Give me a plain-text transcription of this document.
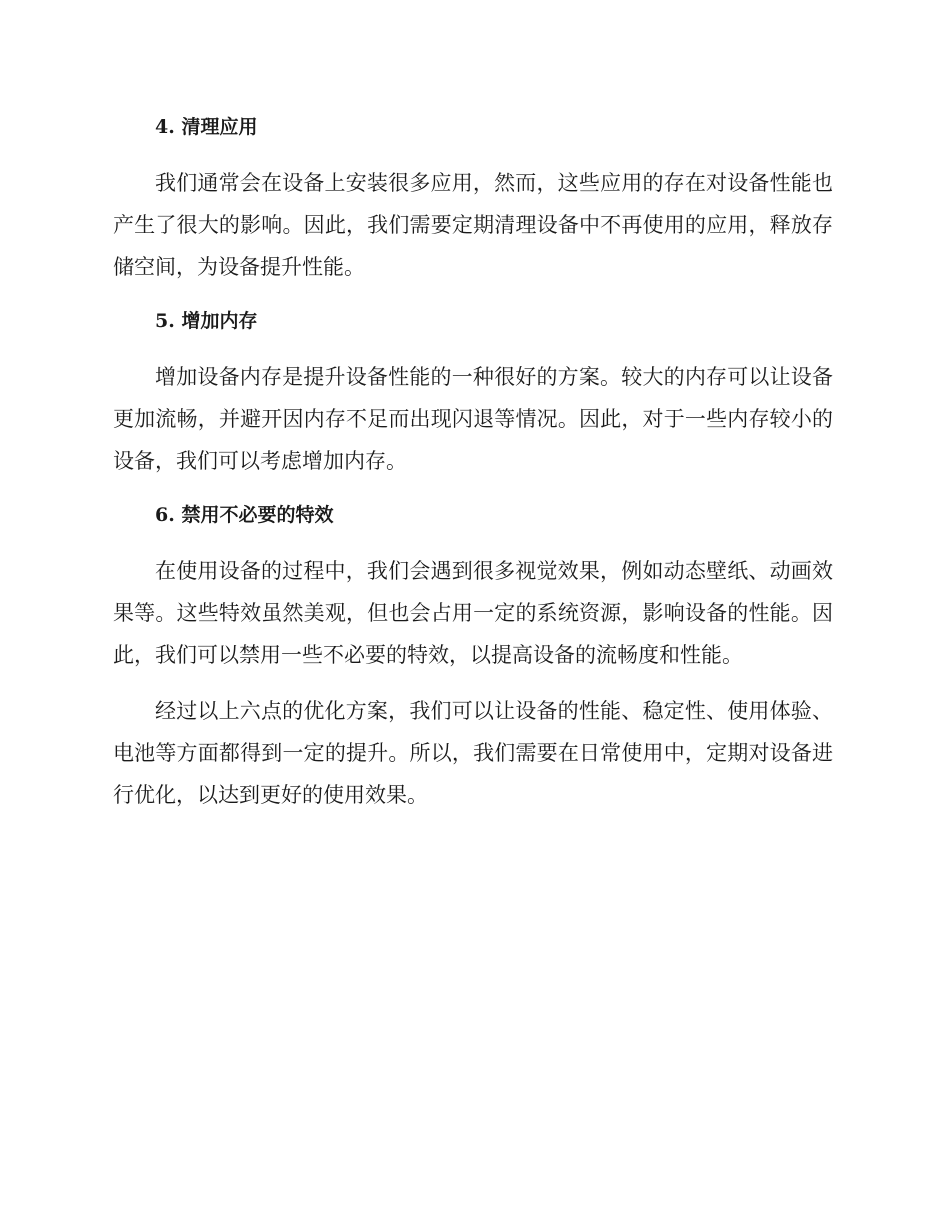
4. 清理应用

我们通常会在设备上安装很多应用，然而，这些应用的存在对设备性能也产生了很大的影响。因此，我们需要定期清理设备中不再使用的应用，释放存储空间，为设备提升性能。

5. 增加内存

增加设备内存是提升设备性能的一种很好的方案。较大的内存可以让设备更加流畅，并避开因内存不足而出现闪退等情况。因此，对于一些内存较小的设备，我们可以考虑增加内存。

6. 禁用不必要的特效

在使用设备的过程中，我们会遇到很多视觉效果，例如动态壁纸、动画效果等。这些特效虽然美观，但也会占用一定的系统资源，影响设备的性能。因此，我们可以禁用一些不必要的特效，以提高设备的流畅度和性能。

经过以上六点的优化方案，我们可以让设备的性能、稳定性、使用体验、电池等方面都得到一定的提升。所以，我们需要在日常使用中，定期对设备进行优化，以达到更好的使用效果。
